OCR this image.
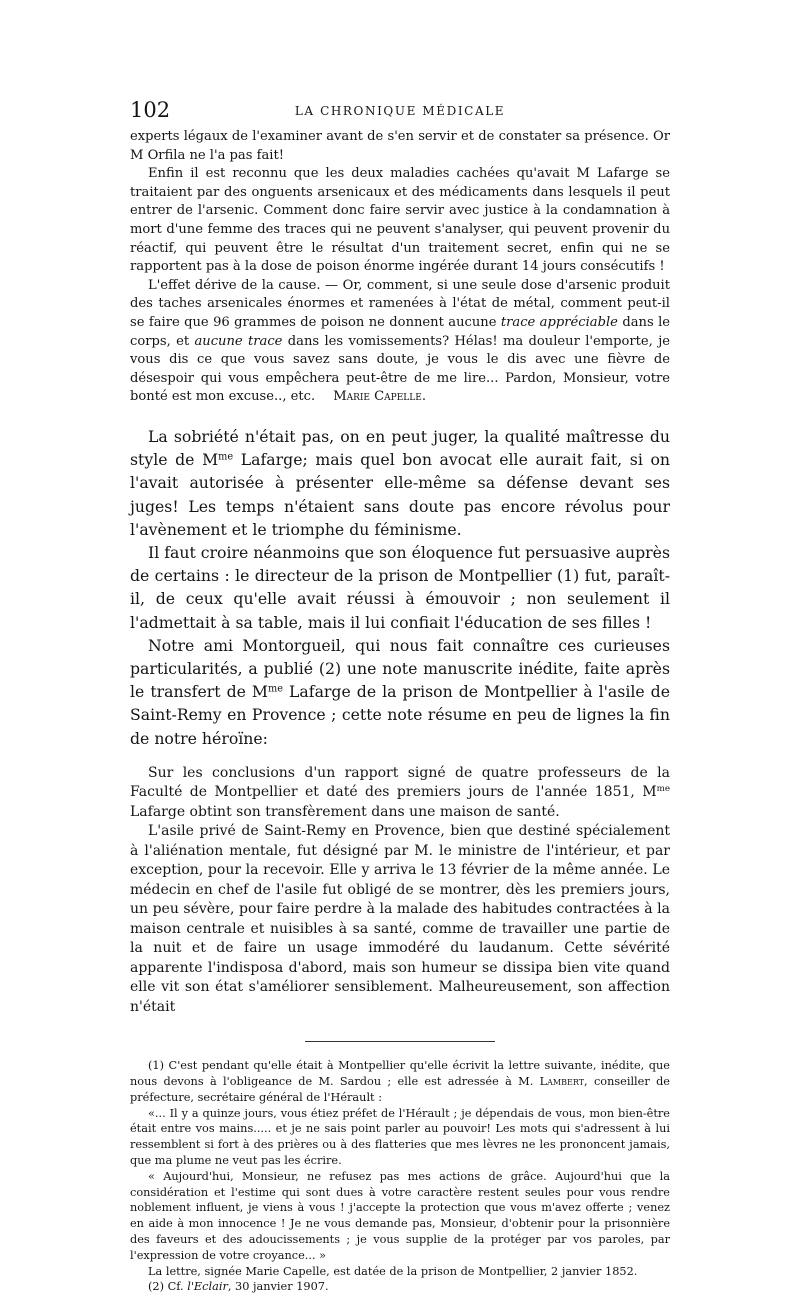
102	LA CHRONIQUE MÉDICALE

experts légaux de l'examiner avant de s'en servir et de constater sa présence. Or M Orfila ne l'a pas fait!

Enfin il est reconnu que les deux maladies cachées qu'avait M Lafarge se traitaient par des onguents arsenicaux et des médicaments dans lesquels il peut entrer de l'arsenic. Comment donc faire servir avec justice à la condamnation à mort d'une femme des traces qui ne peuvent s'analyser, qui peuvent provenir du réactif, qui peuvent être le résultat d'un traitement secret, enfin qui ne se rapportent pas à la dose de poison énorme ingérée durant 14 jours consécutifs !

L'effet dérive de la cause. — Or, comment, si une seule dose d'arsenic produit des taches arsenicales énormes et ramenées à l'état de métal, comment peut-il se faire que 96 grammes de poison ne donnent aucune trace appréciable dans le corps, et aucune trace dans les vomissements? Hélas! ma douleur l'emporte, je vous dis ce que vous savez sans doute, je vous le dis avec une fièvre de désespoir qui vous empêchera peut-être de me lire... Pardon, Monsieur, votre bonté est mon excuse.., etc. Marie Capelle.

La sobriété n'était pas, on en peut juger, la qualité maîtresse du style de $M^{me}$ Lafarge; mais quel bon avocat elle aurait fait, si on l'avait autorisée à présenter elle-même sa défense devant ses juges! Les temps n'étaient sans doute pas encore révolus pour l'avènement et le triomphe du féminisme.

Il faut croire néanmoins que son éloquence fut persuasive auprès de certains : le directeur de la prison de Montpellier (1) fut, paraît-il, de ceux qu'elle avait réussi à émouvoir ; non seulement il l'admettait à sa table, mais il lui confiait l'éducation de ses filles !

Notre ami Montorgueil, qui nous fait connaître ces curieuses particularités, a publié (2) une note manuscrite inédite, faite après le transfert de $M^{me}$ Lafarge de la prison de Montpellier à l'asile de Saint-Remy en Provence ; cette note résume en peu de lignes la fin de notre héroïne:

Sur les conclusions d'un rapport signé de quatre professeurs de la Faculté de Montpellier et daté des premiers jours de l'année 1851, $M^{me}$ Lafarge obtint son transfèrement dans une maison de santé.

L'asile privé de Saint-Remy en Provence, bien que destiné spécialement à l'aliénation mentale, fut désigné par M. le ministre de l'intérieur, et par exception, pour la recevoir. Elle y arriva le 13 février de la même année. Le médecin en chef de l'asile fut obligé de se montrer, dès les premiers jours, un peu sévère, pour faire perdre à la malade des habitudes contractées à la maison centrale et nuisibles à sa santé, comme de travailler une partie de la nuit et de faire un usage immodéré du laudanum. Cette sévérité apparente l'indisposa d'abord, mais son humeur se dissipa bien vite quand elle vit son état s'améliorer sensiblement. Malheureusement, son affection n'était

(1) C'est pendant qu'elle était à Montpellier qu'elle écrivit la lettre suivante, inédite, que nous devons à l'obligeance de M. Sardou ; elle est adressée à M. Lambert, conseiller de préfecture, secrétaire général de l'Hérault :

«... Il y a quinze jours, vous étiez préfet de l'Hérault ; je dépendais de vous, mon bien-être était entre vos mains..... et je ne sais point parler au pouvoir! Les mots qui s'adressent à lui ressemblent si fort à des prières ou à des flatteries que mes lèvres ne les prononcent jamais, que ma plume ne veut pas les écrire.

« Aujourd'hui, Monsieur, ne refusez pas mes actions de grâce. Aujourd'hui que la considération et l'estime qui sont dues à votre caractère restent seules pour vous rendre noblement influent, je viens à vous ! j'accepte la protection que vous m'avez offerte ; venez en aide à mon innocence ! Je ne vous demande pas, Monsieur, d'obtenir pour la prisonnière des faveurs et des adoucissements ; je vous supplie de la protéger par vos paroles, par l'expression de votre croyance... »

La lettre, signée Marie Capelle, est datée de la prison de Montpellier, 2 janvier 1852.

(2) Cf. l'Eclair, 30 janvier 1907.
